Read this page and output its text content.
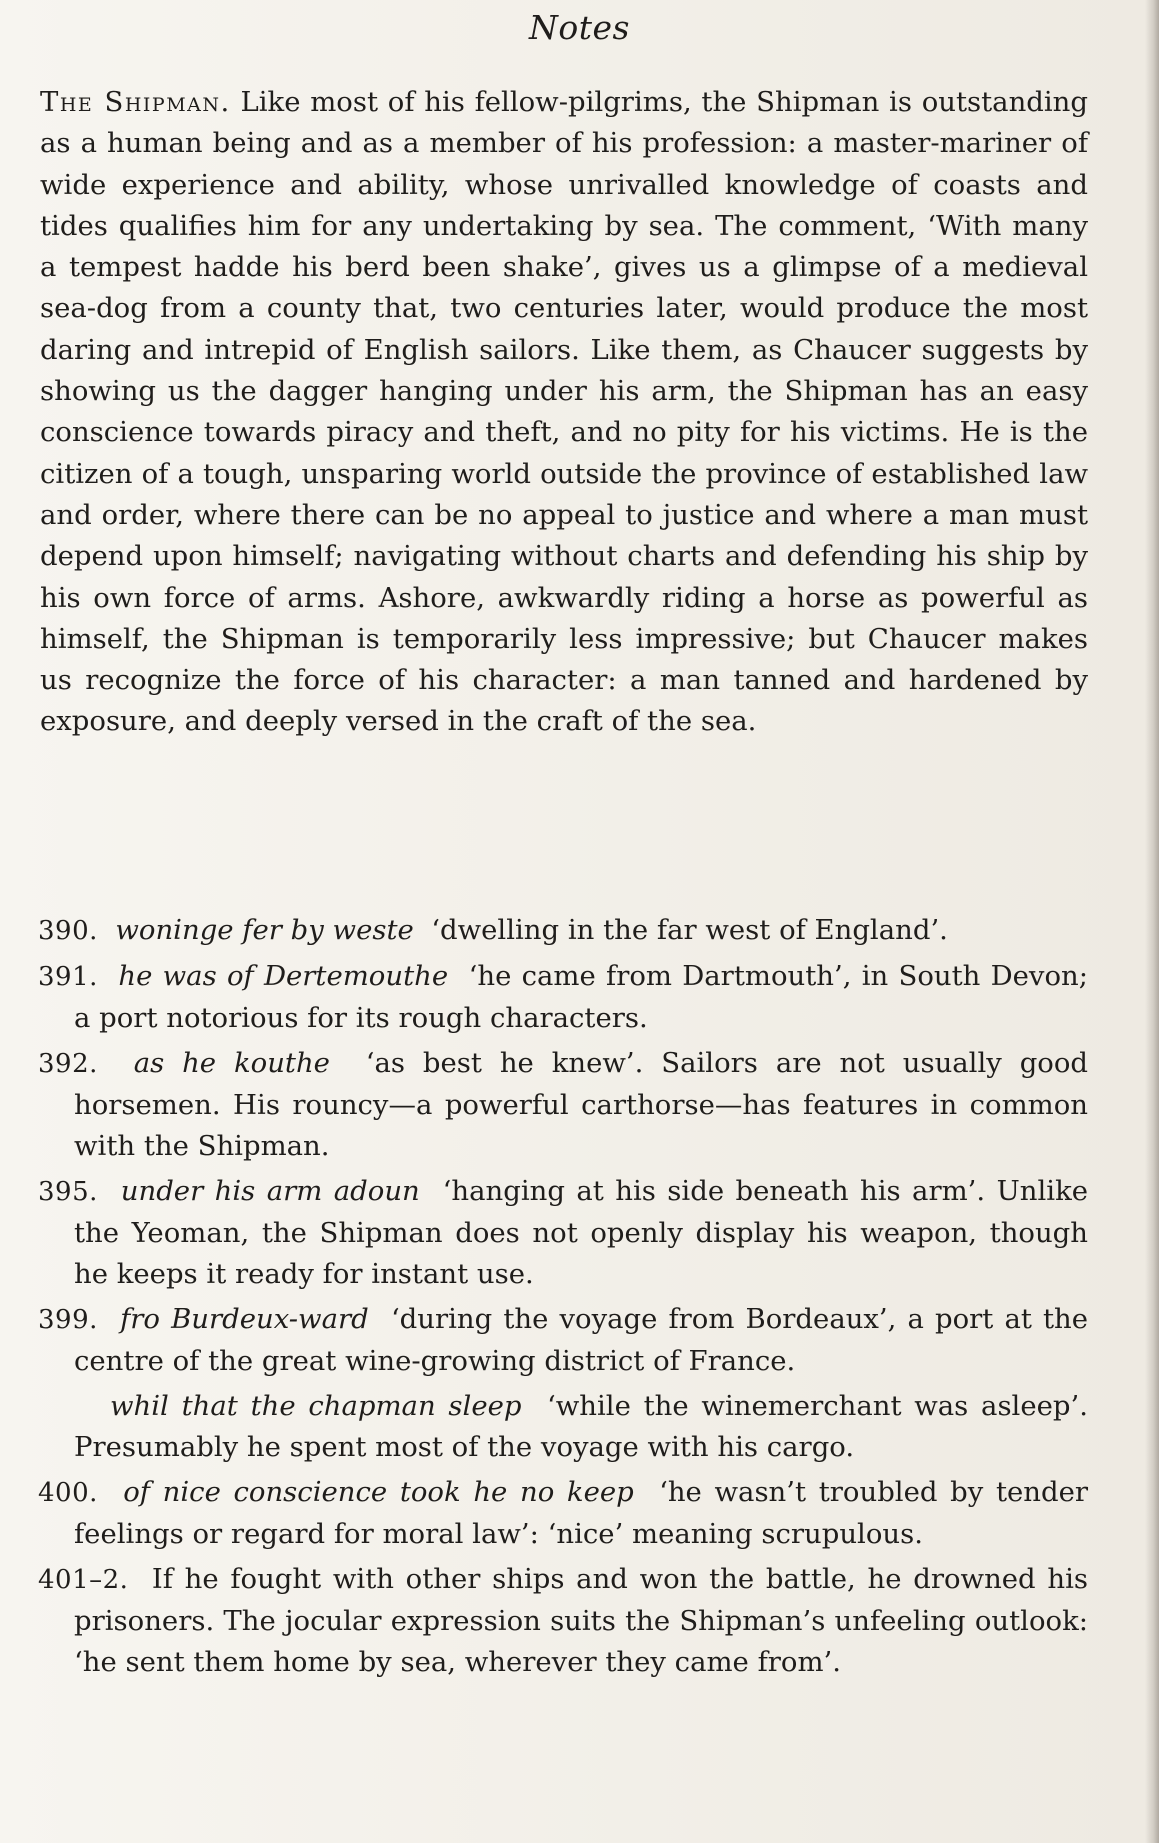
Notes

The Shipman. Like most of his fellow-pilgrims, the Shipman is outstanding as a human being and as a member of his profession: a master-mariner of wide experience and ability, whose unrivalled knowledge of coasts and tides qualifies him for any undertaking by sea. The comment, ‘With many a tempest hadde his berd been shake’, gives us a glimpse of a medieval sea-dog from a county that, two centuries later, would produce the most daring and intrepid of English sailors. Like them, as Chaucer suggests by showing us the dagger hanging under his arm, the Shipman has an easy conscience towards piracy and theft, and no pity for his victims. He is the citizen of a tough, unsparing world outside the province of established law and order, where there can be no appeal to justice and where a man must depend upon himself; navigating without charts and defending his ship by his own force of arms. Ashore, awkwardly riding a horse as powerful as himself, the Shipman is temporarily less impressive; but Chaucer makes us recognize the force of his character: a man tanned and hardened by exposure, and deeply versed in the craft of the sea.

390. woninge fer by weste ‘dwelling in the far west of England’.

391. he was of Dertemouthe ‘he came from Dartmouth’, in South Devon; a port notorious for its rough characters.

392. as he kouthe ‘as best he knew’. Sailors are not usually good horsemen. His rouncy—a powerful carthorse—has features in common with the Shipman.

395. under his arm adoun ‘hanging at his side beneath his arm’. Unlike the Yeoman, the Shipman does not openly display his weapon, though he keeps it ready for instant use.

399. fro Burdeux-ward ‘during the voyage from Bordeaux’, a port at the centre of the great wine-growing district of France.

whil that the chapman sleep ‘while the winemerchant was asleep’. Presumably he spent most of the voyage with his cargo.

400. of nice conscience took he no keep ‘he wasn’t troubled by tender feelings or regard for moral law’: ‘nice’ meaning scrupulous.

401–2. If he fought with other ships and won the battle, he drowned his prisoners. The jocular expression suits the Shipman’s unfeeling outlook: ‘he sent them home by sea, wherever they came from’.
